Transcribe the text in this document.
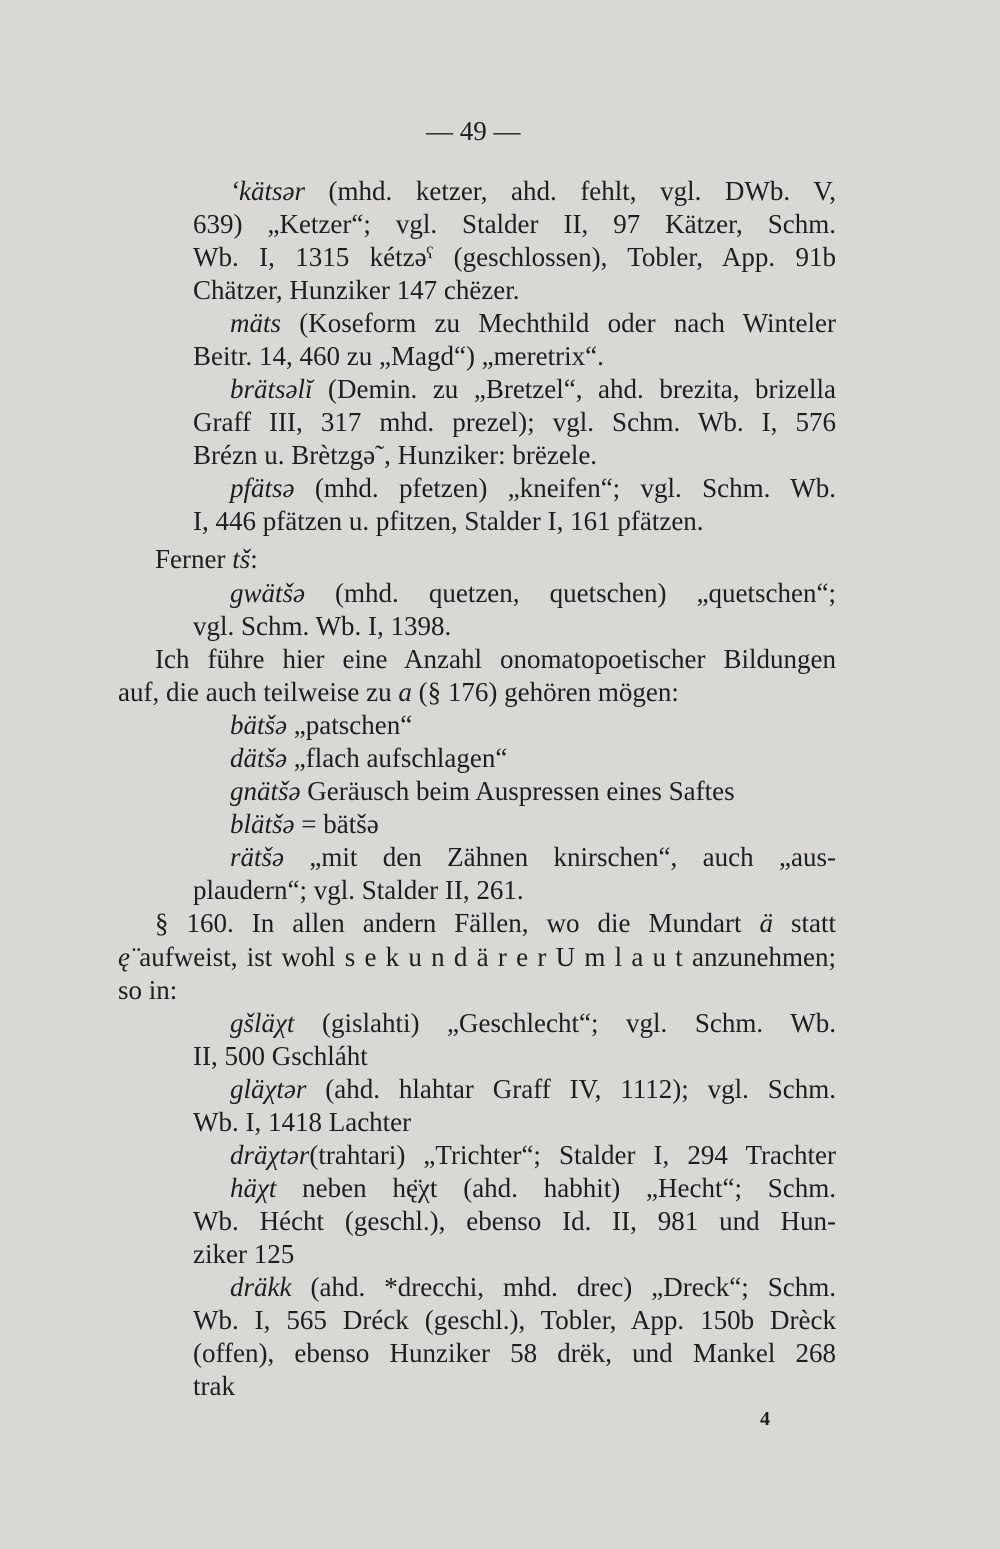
— 49 —
‘kätsər (mhd. ketzer, ahd. fehlt, vgl. DWb. V,
639) „Ketzer“; vgl. Stalder II, 97 Kätzer, Schm.
Wb. I, 1315 kétzəˁ (geschlossen), Tobler, App. 91b
Chätzer, Hunziker 147 chëzer.
mäts (Koseform zu Mechthild oder nach Winteler
Beitr. 14, 460 zu „Magd“) „meretrix“.
brätsəlĭ (Demin. zu „Bretzel“, ahd. brezita, brizella
Graff III, 317 mhd. prezel); vgl. Schm. Wb. I, 576
Brézn u. Brètzgə˜, Hunziker: brëzele.
pfätsə (mhd. pfetzen) „kneifen“; vgl. Schm. Wb.
I, 446 pfätzen u. pfitzen, Stalder I, 161 pfätzen.
Ferner tš:
gwätšə (mhd. quetzen, quetschen) „quetschen“;
vgl. Schm. Wb. I, 1398.
Ich führe hier eine Anzahl onomatopoetischer Bildungen
auf, die auch teilweise zu a (§ 176) gehören mögen:
bätšə „patschen“
dätšə „flach aufschlagen“
gnätšə Geräusch beim Auspressen eines Saftes
blätšə = bätšə
rätšə „mit den Zähnen knirschen“, auch „aus-
plaudern“; vgl. Stalder II, 261.
§ 160. In allen andern Fällen, wo die Mundart ä statt
ę̈ aufweist, ist wohl s e k u n d ä r e r U m l a u t anzunehmen;
so in:
gšläχt (gislahti) „Geschlecht“; vgl. Schm. Wb.
II, 500 Gschláht
gläχtər (ahd. hlahtar Graff IV, 1112); vgl. Schm.
Wb. I, 1418 Lachter
dräχtər(trahtari) „Trichter“; Stalder I, 294 Trachter
häχt neben hę̈χt (ahd. habhit) „Hecht“; Schm.
Wb. Hécht (geschl.), ebenso Id. II, 981 und Hun-
ziker 125
dräkk (ahd. *drecchi, mhd. drec) „Dreck“; Schm.
Wb. I, 565 Dréck (geschl.), Tobler, App. 150b Drèck
(offen), ebenso Hunziker 58 drëk, und Mankel 268
trak
4
